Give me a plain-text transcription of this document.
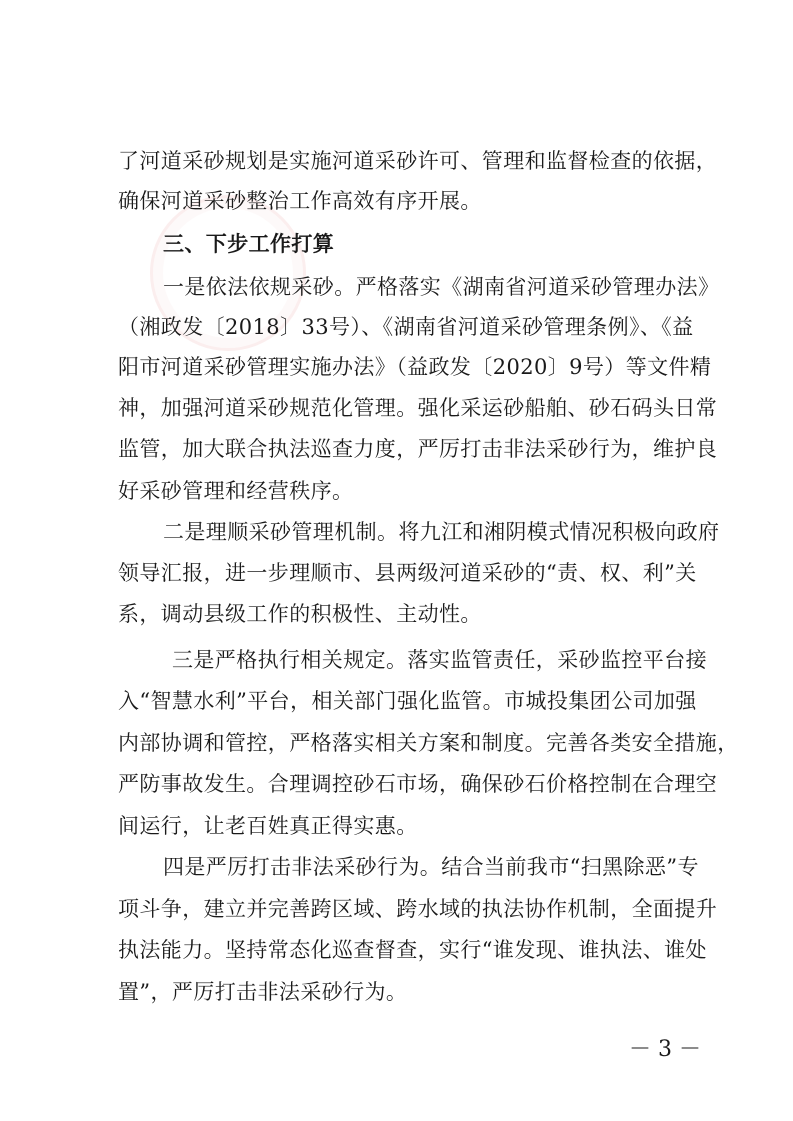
了河道采砂规划是实施河道采砂许可、管理和监督检查的依据，
确保河道采砂整治工作高效有序开展。
三、下步工作打算
一是依法依规采砂。严格落实《湖南省河道采砂管理办法》
（湘政发〔2018〕33号）、《湖南省河道采砂管理条例》、《益
阳市河道采砂管理实施办法》（益政发〔2020〕9号）等文件精
神，加强河道采砂规范化管理。强化采运砂船舶、砂石码头日常
监管，加大联合执法巡查力度，严厉打击非法采砂行为，维护良
好采砂管理和经营秩序。
二是理顺采砂管理机制。将九江和湘阴模式情况积极向政府
领导汇报，进一步理顺市、县两级河道采砂的“责、权、利”关
系，调动县级工作的积极性、主动性。
三是严格执行相关规定。落实监管责任，采砂监控平台接
入“智慧水利”平台，相关部门强化监管。市城投集团公司加强
内部协调和管控，严格落实相关方案和制度。完善各类安全措施，
严防事故发生。合理调控砂石市场，确保砂石价格控制在合理空
间运行，让老百姓真正得实惠。
四是严厉打击非法采砂行为。结合当前我市“扫黑除恶”专
项斗争，建立并完善跨区域、跨水域的执法协作机制，全面提升
执法能力。坚持常态化巡查督查，实行“谁发现、谁执法、谁处
置”，严厉打击非法采砂行为。
－ 3 －
